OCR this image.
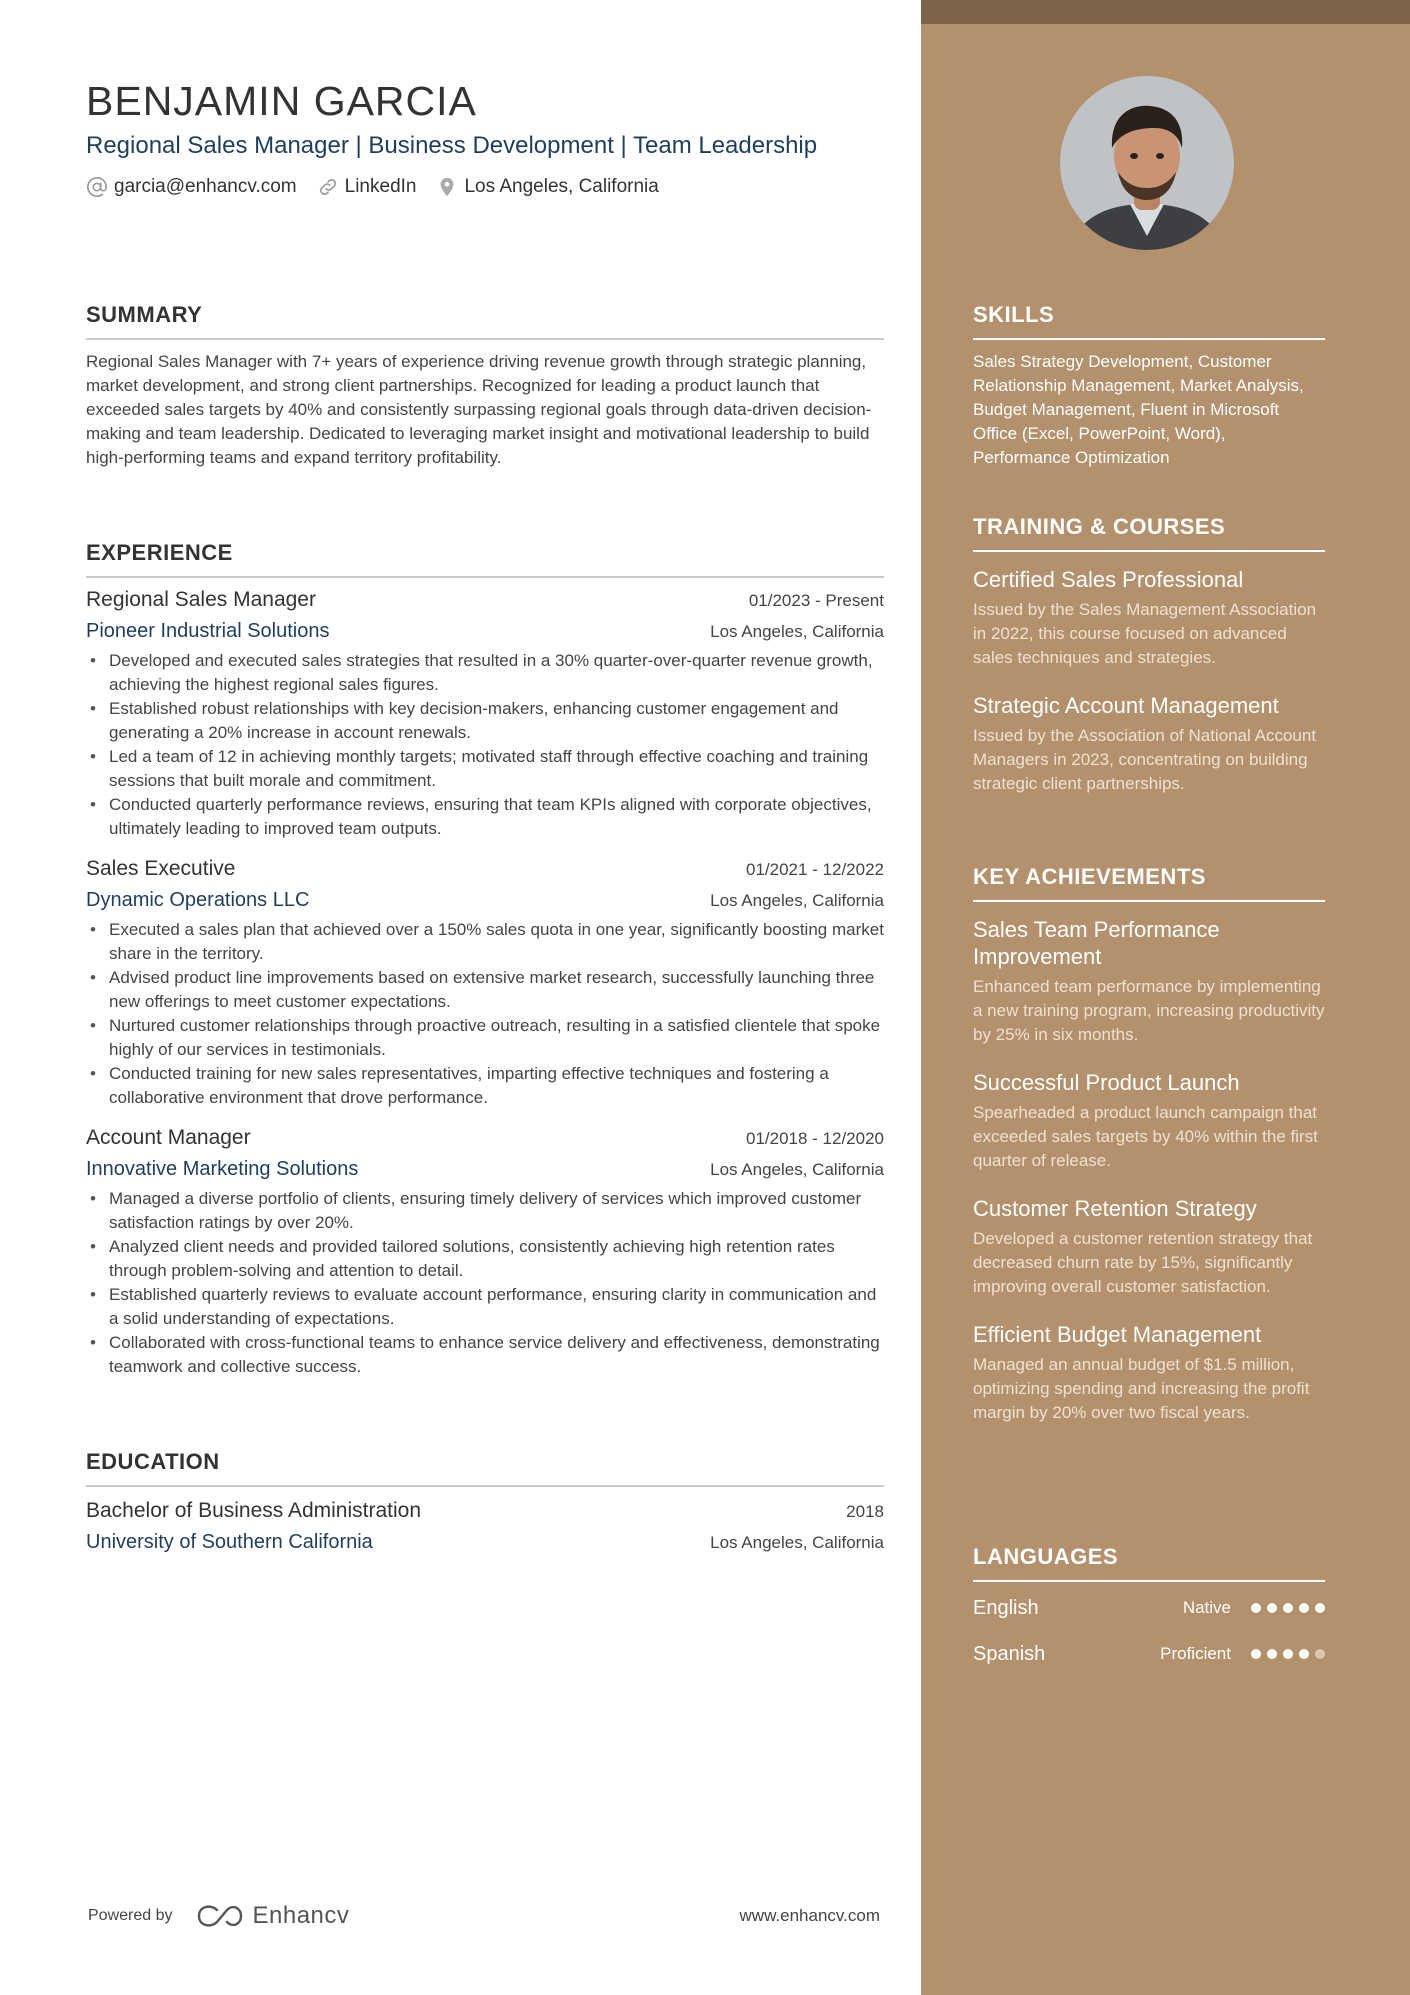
BENJAMIN GARCIA
Regional Sales Manager | Business Development | Team Leadership
garcia@enhancv.com	LinkedIn	Los Angeles, California
SUMMARY

Regional Sales Manager with 7+ years of experience driving revenue growth through strategic planning, market development, and strong client partnerships. Recognized for leading a product launch that exceeded sales targets by 40% and consistently surpassing regional goals through data-driven decision-making and team leadership. Dedicated to leveraging market insight and motivational leadership to build high-performing teams and expand territory profitability.

EXPERIENCE
Regional Sales Manager	01/2023 - Present
Pioneer Industrial Solutions	Los Angeles, California
• Developed and executed sales strategies that resulted in a 30% quarter-over-quarter revenue growth, achieving the highest regional sales figures.
• Established robust relationships with key decision-makers, enhancing customer engagement and generating a 20% increase in account renewals.
• Led a team of 12 in achieving monthly targets; motivated staff through effective coaching and training sessions that built morale and commitment.
• Conducted quarterly performance reviews, ensuring that team KPIs aligned with corporate objectives, ultimately leading to improved team outputs.
Sales Executive	01/2021 - 12/2022
Dynamic Operations LLC	Los Angeles, California
• Executed a sales plan that achieved over a 150% sales quota in one year, significantly boosting market share in the territory.
• Advised product line improvements based on extensive market research, successfully launching three new offerings to meet customer expectations.
• Nurtured customer relationships through proactive outreach, resulting in a satisfied clientele that spoke highly of our services in testimonials.
• Conducted training for new sales representatives, imparting effective techniques and fostering a collaborative environment that drove performance.
Account Manager	01/2018 - 12/2020
Innovative Marketing Solutions	Los Angeles, California
• Managed a diverse portfolio of clients, ensuring timely delivery of services which improved customer satisfaction ratings by over 20%.
• Analyzed client needs and provided tailored solutions, consistently achieving high retention rates through problem-solving and attention to detail.
• Established quarterly reviews to evaluate account performance, ensuring clarity in communication and a solid understanding of expectations.
• Collaborated with cross-functional teams to enhance service delivery and effectiveness, demonstrating teamwork and collective success.
EDUCATION
Bachelor of Business Administration	2018
University of Southern California	Los Angeles, California
Powered by	Enhancv	www.enhancv.com
SKILLS

Sales Strategy Development, Customer Relationship Management, Market Analysis, Budget Management, Fluent in Microsoft Office (Excel, PowerPoint, Word), Performance Optimization

TRAINING & COURSES
Certified Sales Professional
Issued by the Sales Management Association in 2022, this course focused on advanced sales techniques and strategies.
Strategic Account Management
Issued by the Association of National Account Managers in 2023, concentrating on building strategic client partnerships.
KEY ACHIEVEMENTS
Sales Team Performance Improvement
Enhanced team performance by implementing a new training program, increasing productivity by 25% in six months.
Successful Product Launch
Spearheaded a product launch campaign that exceeded sales targets by 40% within the first quarter of release.
Customer Retention Strategy
Developed a customer retention strategy that decreased churn rate by 15%, significantly improving overall customer satisfaction.
Efficient Budget Management
Managed an annual budget of $1.5 million, optimizing spending and increasing the profit margin by 20% over two fiscal years.
LANGUAGES
English	Native
Spanish	Proficient
